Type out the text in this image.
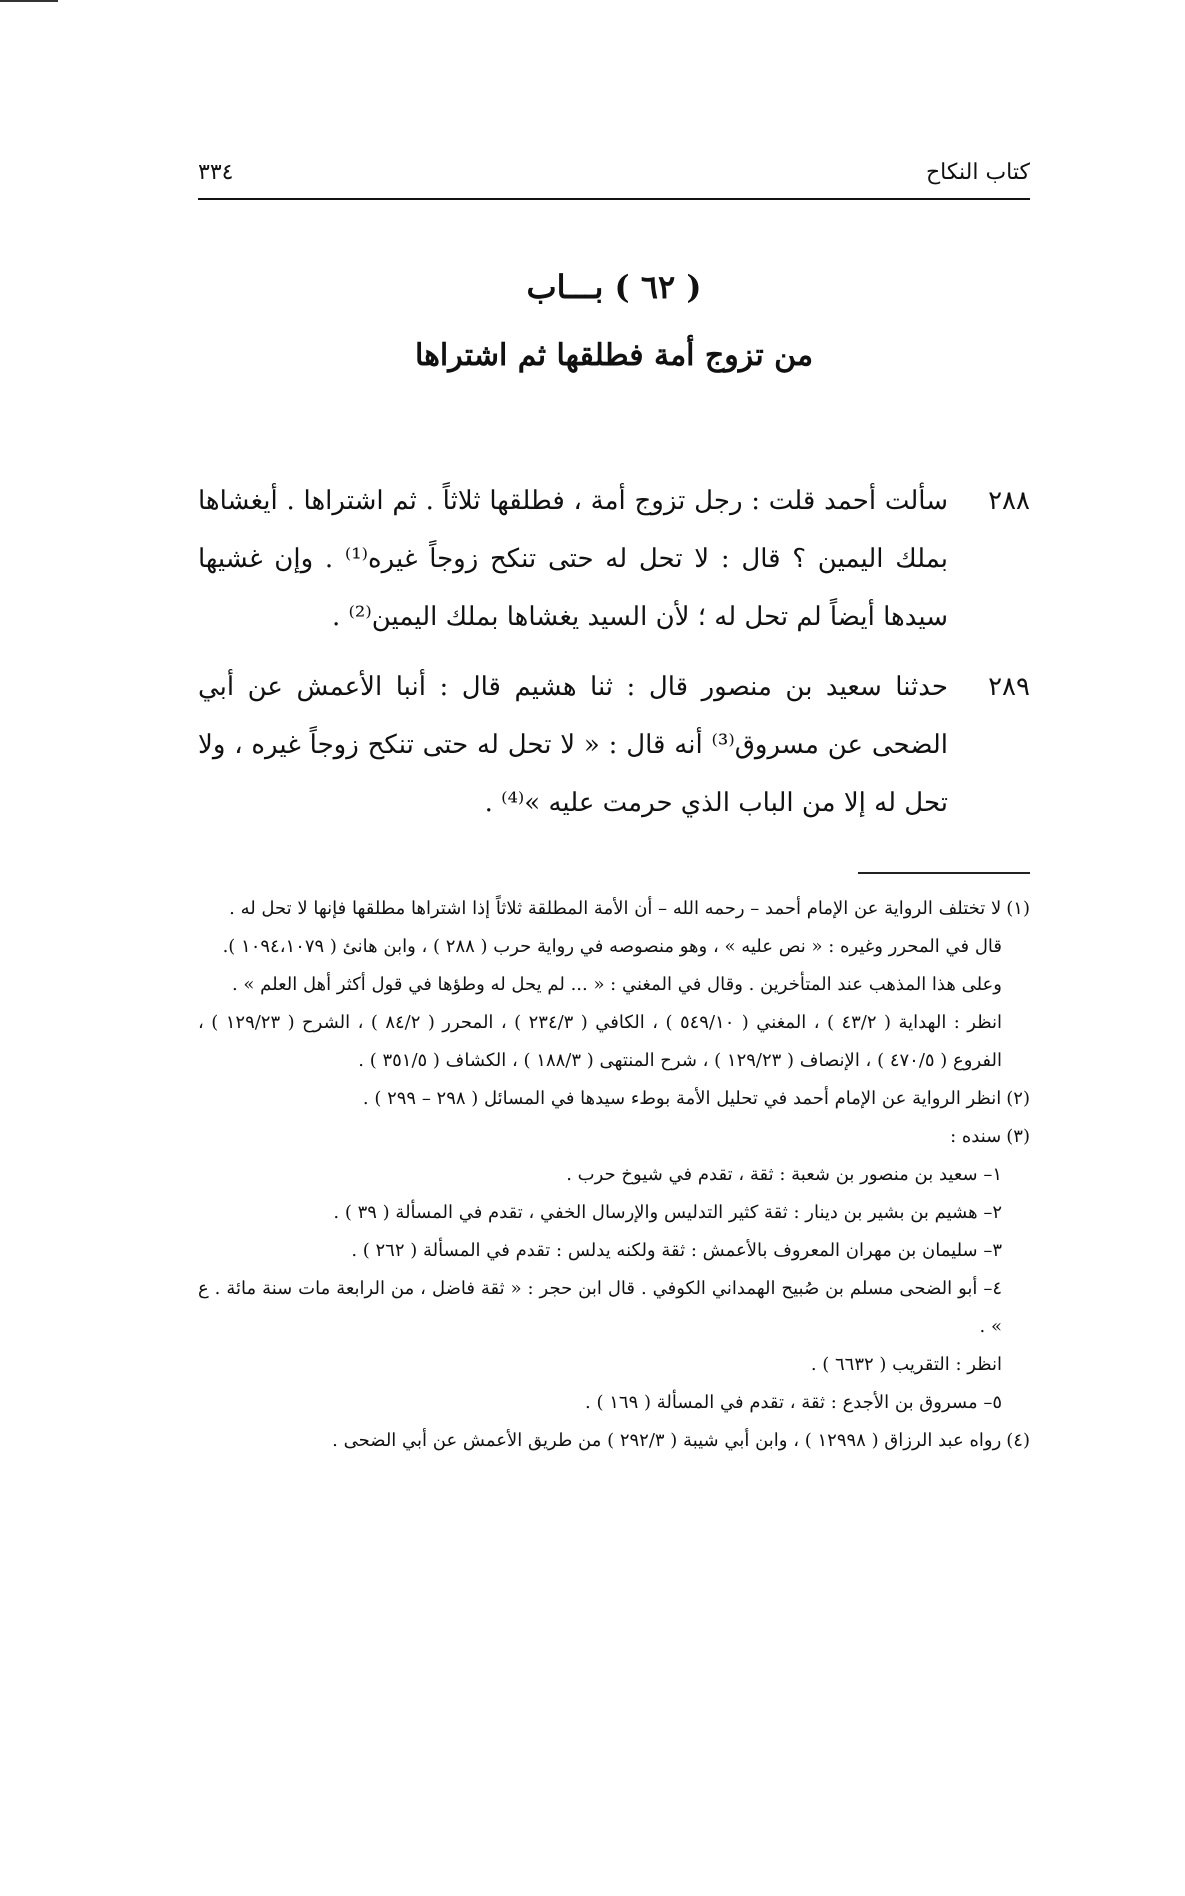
كتاب النكاح
٣٣٤
( ٦٢ ) بـــاب
من تزوج أمة فطلقها ثم اشتراها

٢٨٨سألت أحمد قلت : رجل تزوج أمة ، فطلقها ثلاثاً . ثم اشتراها . أيغشاها بملك اليمين ؟ قال : لا تحل له حتى تنكح زوجاً غيره⁽¹⁾ . وإن غشيها سيدها أيضاً لم تحل له ؛ لأن السيد يغشاها بملك اليمين⁽²⁾ .

٢٨٩حدثنا سعيد بن منصور قال : ثنا هشيم قال : أنبا الأعمش عن أبي الضحى عن مسروق⁽³⁾ أنه قال : « لا تحل له حتى تنكح زوجاً غيره ، ولا تحل له إلا من الباب الذي حرمت عليه »⁽⁴⁾ .

(١)لا تختلف الرواية عن الإمام أحمد – رحمه الله – أن الأمة المطلقة ثلاثاً إذا اشتراها مطلقها فإنها لا تحل له .

قال في المحرر وغيره : « نص عليه » ، وهو منصوصه في رواية حرب ( ٢٨٨ ) ، وابن هانئ ( ١٠٩٤،١٠٧٩ ).

وعلى هذا المذهب عند المتأخرين . وقال في المغني : « ... لم يحل له وطؤها في قول أكثر أهل العلم » .

انظر : الهداية ( ٤٣/٢ ) ، المغني ( ٥٤٩/١٠ ) ، الكافي ( ٢٣٤/٣ ) ، المحرر ( ٨٤/٢ ) ، الشرح ( ١٢٩/٢٣ ) ، الفروع ( ٤٧٠/٥ ) ، الإنصاف ( ١٢٩/٢٣ ) ، شرح المنتهى ( ١٨٨/٣ ) ، الكشاف ( ٣٥١/٥ ) .

(٢)انظر الرواية عن الإمام أحمد في تحليل الأمة بوطء سيدها في المسائل ( ٢٩٨ – ٢٩٩ ) .

(٣)سنده :

١– سعيد بن منصور بن شعبة : ثقة ، تقدم في شيوخ حرب .

٢– هشيم بن بشير بن دينار : ثقة كثير التدليس والإرسال الخفي ، تقدم في المسألة ( ٣٩ ) .

٣– سليمان بن مهران المعروف بالأعمش : ثقة ولكنه يدلس : تقدم في المسألة ( ٢٦٢ ) .

٤– أبو الضحى مسلم بن صُبيح الهمداني الكوفي . قال ابن حجر : « ثقة فاضل ، من الرابعة مات سنة مائة . ع » .

انظر : التقريب ( ٦٦٣٢ ) .

٥– مسروق بن الأجدع : ثقة ، تقدم في المسألة ( ١٦٩ ) .

(٤)رواه عبد الرزاق ( ١٢٩٩٨ ) ، وابن أبي شيبة ( ٢٩٢/٣ ) من طريق الأعمش عن أبي الضحى .
